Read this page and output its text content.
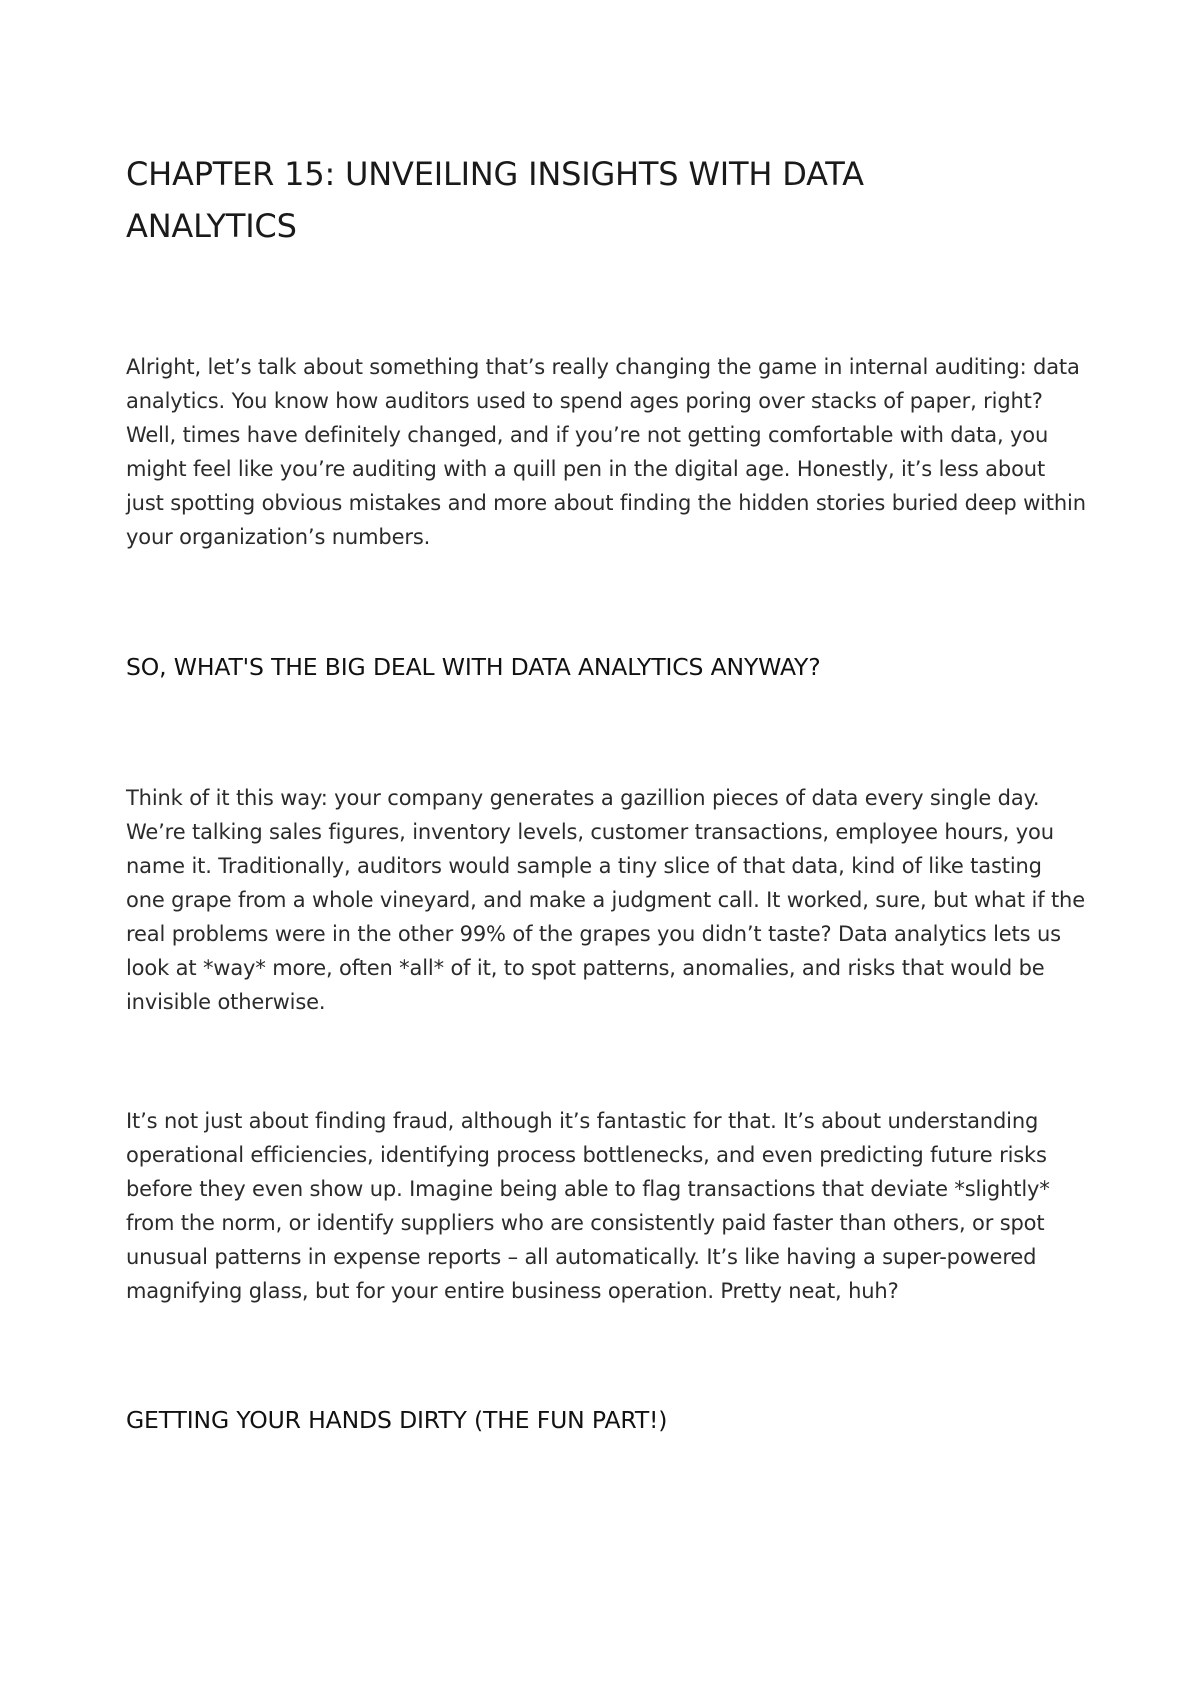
CHAPTER 15: UNVEILING INSIGHTS WITH DATA ANALYTICS

Alright, let’s talk about something that’s really changing the game in internal auditing: data analytics. You know how auditors used to spend ages poring over stacks of paper, right? Well, times have definitely changed, and if you’re not getting comfortable with data, you might feel like you’re auditing with a quill pen in the digital age. Honestly, it’s less about just spotting obvious mistakes and more about finding the hidden stories buried deep within your organization’s numbers.

SO, WHAT'S THE BIG DEAL WITH DATA ANALYTICS ANYWAY?

Think of it this way: your company generates a gazillion pieces of data every single day. We’re talking sales figures, inventory levels, customer transactions, employee hours, you name it. Traditionally, auditors would sample a tiny slice of that data, kind of like tasting one grape from a whole vineyard, and make a judgment call. It worked, sure, but what if the real problems were in the other 99% of the grapes you didn’t taste? Data analytics lets us look at *way* more, often *all* of it, to spot patterns, anomalies, and risks that would be invisible otherwise.

It’s not just about finding fraud, although it’s fantastic for that. It’s about understanding operational efficiencies, identifying process bottlenecks, and even predicting future risks before they even show up. Imagine being able to flag transactions that deviate *slightly* from the norm, or identify suppliers who are consistently paid faster than others, or spot unusual patterns in expense reports – all automatically. It’s like having a super-powered magnifying glass, but for your entire business operation. Pretty neat, huh?

GETTING YOUR HANDS DIRTY (THE FUN PART!)
